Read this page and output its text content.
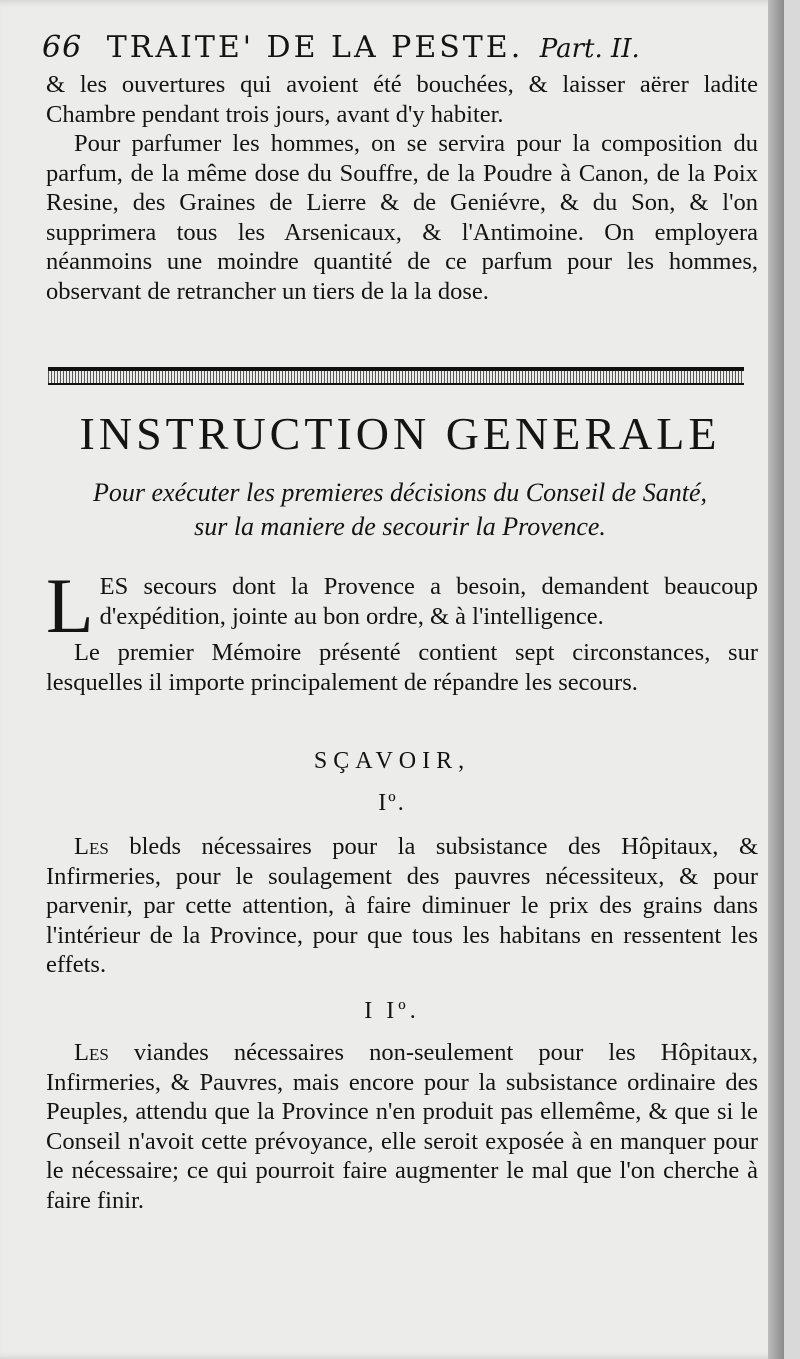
66 TRAITE' DE LA PESTE. Part. II.

& les ouvertures qui avoient été bouchées, & laisser aërer ladite Chambre pendant trois jours, avant d'y habiter.

Pour parfumer les hommes, on se servira pour la composition du parfum, de la même dose du Souffre, de la Poudre à Canon, de la Poix Resine, des Graines de Lierre & de Geniévre, & du Son, & l'on supprimera tous les Arsenicaux, & l'Antimoine. On employera néanmoins une moindre quantité de ce parfum pour les hommes, observant de retrancher un tiers de la la dose.

INSTRUCTION GENERALE
Pour exécuter les premieres décisions du Conseil de Santé,
sur la maniere de secourir la Provence.

LES secours dont la Provence a besoin, demandent beaucoup d'expédition, jointe au bon ordre, & à l'intelligence.

Le premier Mémoire présenté contient sept circonstances, sur lesquelles il importe principalement de répandre les secours.

SÇAVOIR,
Iº.

Les bleds nécessaires pour la subsistance des Hôpitaux, & Infirmeries, pour le soulagement des pauvres nécessiteux, & pour parvenir, par cette attention, à faire diminuer le prix des grains dans l'intérieur de la Province, pour que tous les habitans en ressentent les effets.

I Iº.

Les viandes nécessaires non-seulement pour les Hôpitaux, Infirmeries, & Pauvres, mais encore pour la subsistance ordinaire des Peuples, attendu que la Province n'en produit pas ellemême, & que si le Conseil n'avoit cette prévoyance, elle seroit exposée à en manquer pour le nécessaire; ce qui pourroit faire augmenter le mal que l'on cherche à faire finir.
